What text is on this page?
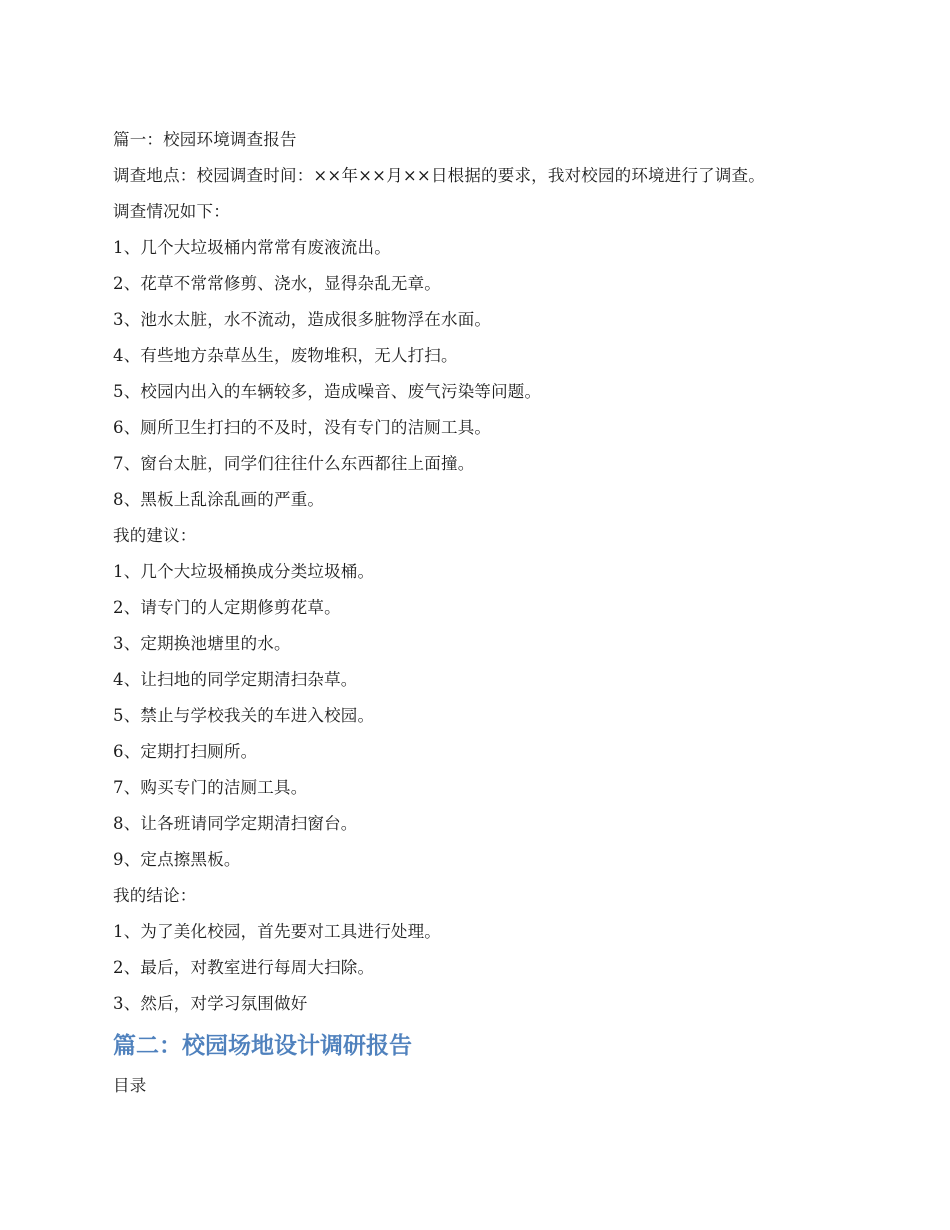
篇一：校园环境调查报告
调查地点：校园调查时间：××年××月××日根据的要求，我对校园的环境进行了调查。
调查情况如下：
1、几个大垃圾桶内常常有废液流出。
2、花草不常常修剪、浇水，显得杂乱无章。
3、池水太脏，水不流动，造成很多脏物浮在水面。
4、有些地方杂草丛生，废物堆积，无人打扫。
5、校园内出入的车辆较多，造成噪音、废气污染等问题。
6、厕所卫生打扫的不及时，没有专门的洁厕工具。
7、窗台太脏，同学们往往什么东西都往上面撞。
8、黑板上乱涂乱画的严重。
我的建议：
1、几个大垃圾桶换成分类垃圾桶。
2、请专门的人定期修剪花草。
3、定期换池塘里的水。
4、让扫地的同学定期清扫杂草。
5、禁止与学校我关的车进入校园。
6、定期打扫厕所。
7、购买专门的洁厕工具。
8、让各班请同学定期清扫窗台。
9、定点擦黑板。
我的结论：
1、为了美化校园，首先要对工具进行处理。
2、最后，对教室进行每周大扫除。
3、然后，对学习氛围做好
篇二：校园场地设计调研报告
目录
